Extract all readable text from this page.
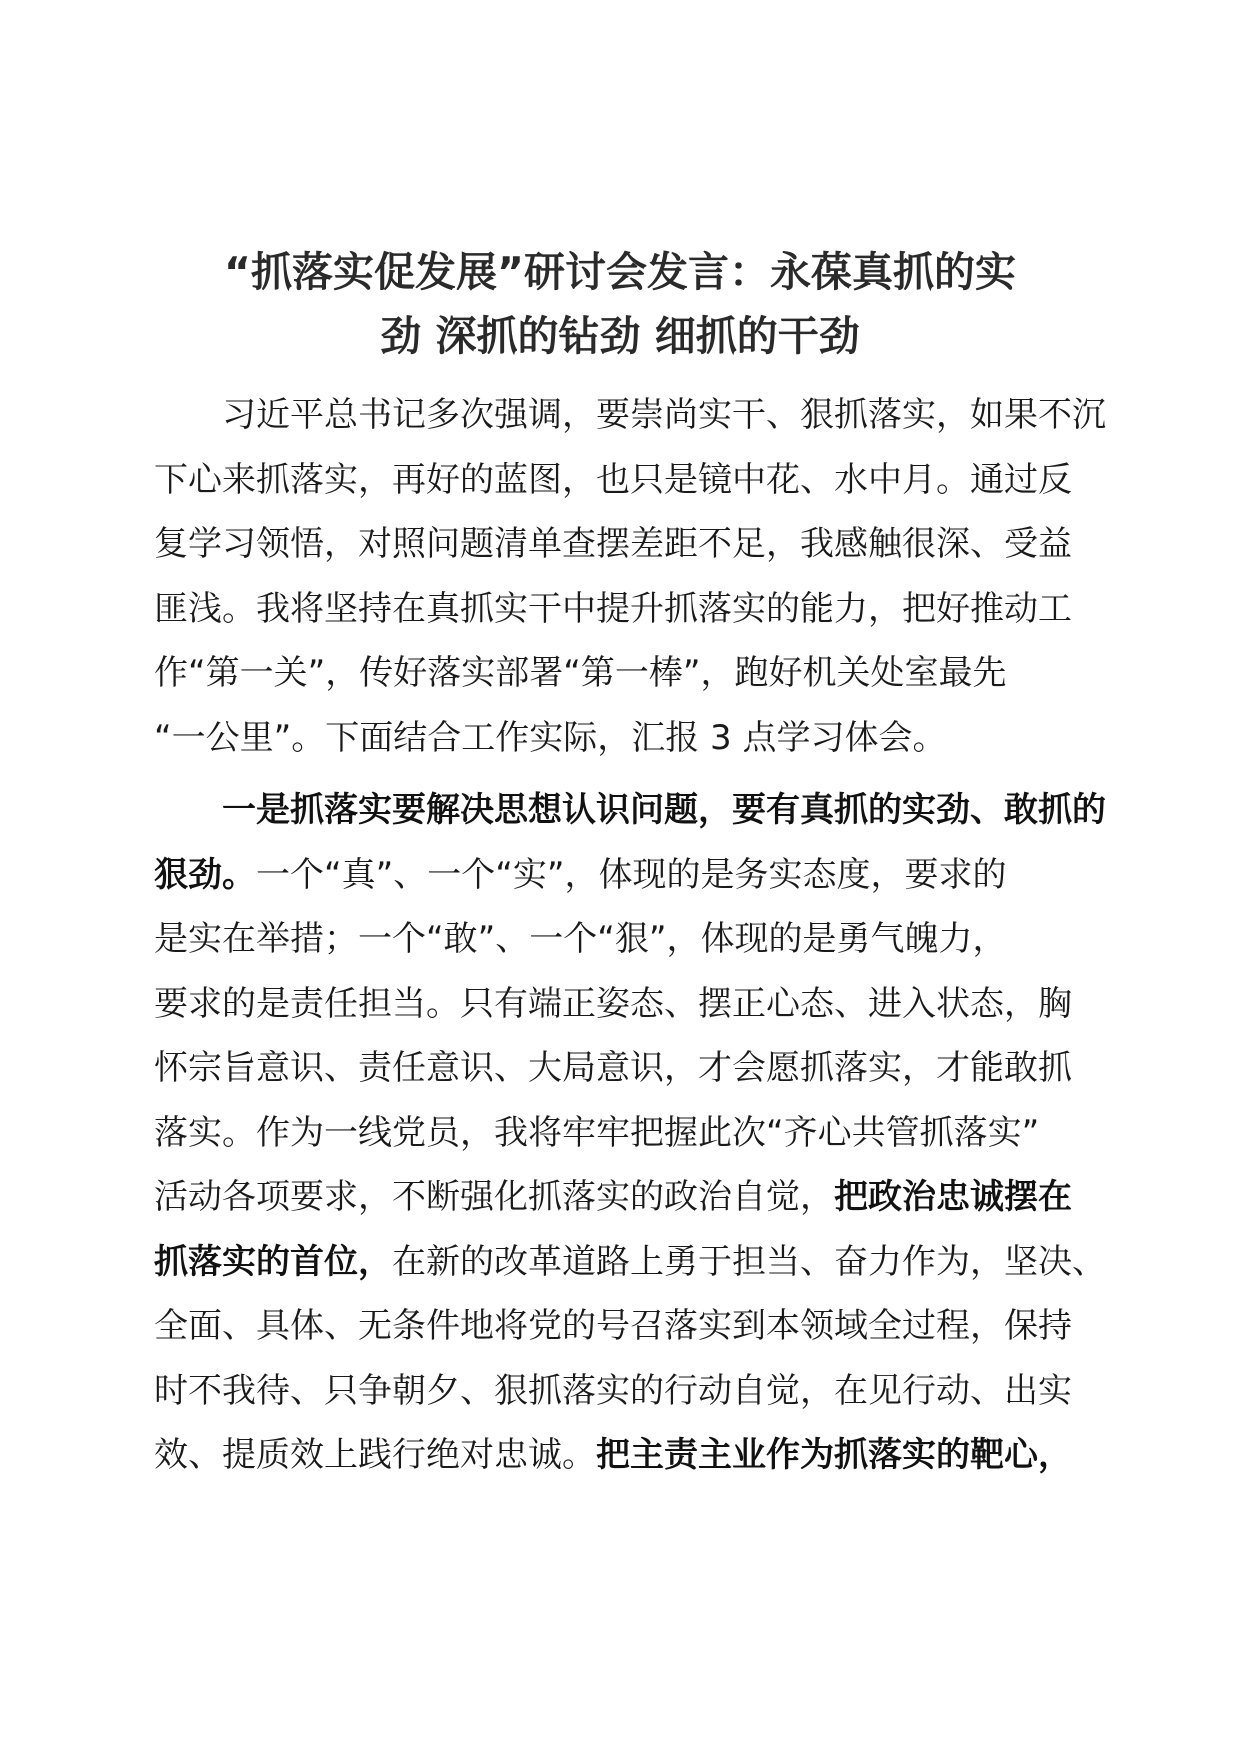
“抓落实促发展”研讨会发言：永葆真抓的实
劲 深抓的钻劲 细抓的干劲
　　习近平总书记多次强调，要崇尚实干、狠抓落实，如果不沉
下心来抓落实，再好的蓝图，也只是镜中花、水中月。通过反
复学习领悟，对照问题清单查摆差距不足，我感触很深、受益
匪浅。我将坚持在真抓实干中提升抓落实的能力，把好推动工
作“第一关”，传好落实部署“第一棒”，跑好机关处室最先
“一公里”。下面结合工作实际，汇报 3 点学习体会。
　　一是抓落实要解决思想认识问题，要有真抓的实劲、敢抓的
狠劲。一个“真”、一个“实”，体现的是务实态度，要求的
是实在举措；一个“敢”、一个“狠”，体现的是勇气魄力，
要求的是责任担当。只有端正姿态、摆正心态、进入状态，胸
怀宗旨意识、责任意识、大局意识，才会愿抓落实，才能敢抓
落实。作为一线党员，我将牢牢把握此次“齐心共管抓落实”
活动各项要求，不断强化抓落实的政治自觉，把政治忠诚摆在
抓落实的首位，在新的改革道路上勇于担当、奋力作为，坚决、
全面、具体、无条件地将党的号召落实到本领域全过程，保持
时不我待、只争朝夕、狠抓落实的行动自觉，在见行动、出实
效、提质效上践行绝对忠诚。把主责主业作为抓落实的靶心，
